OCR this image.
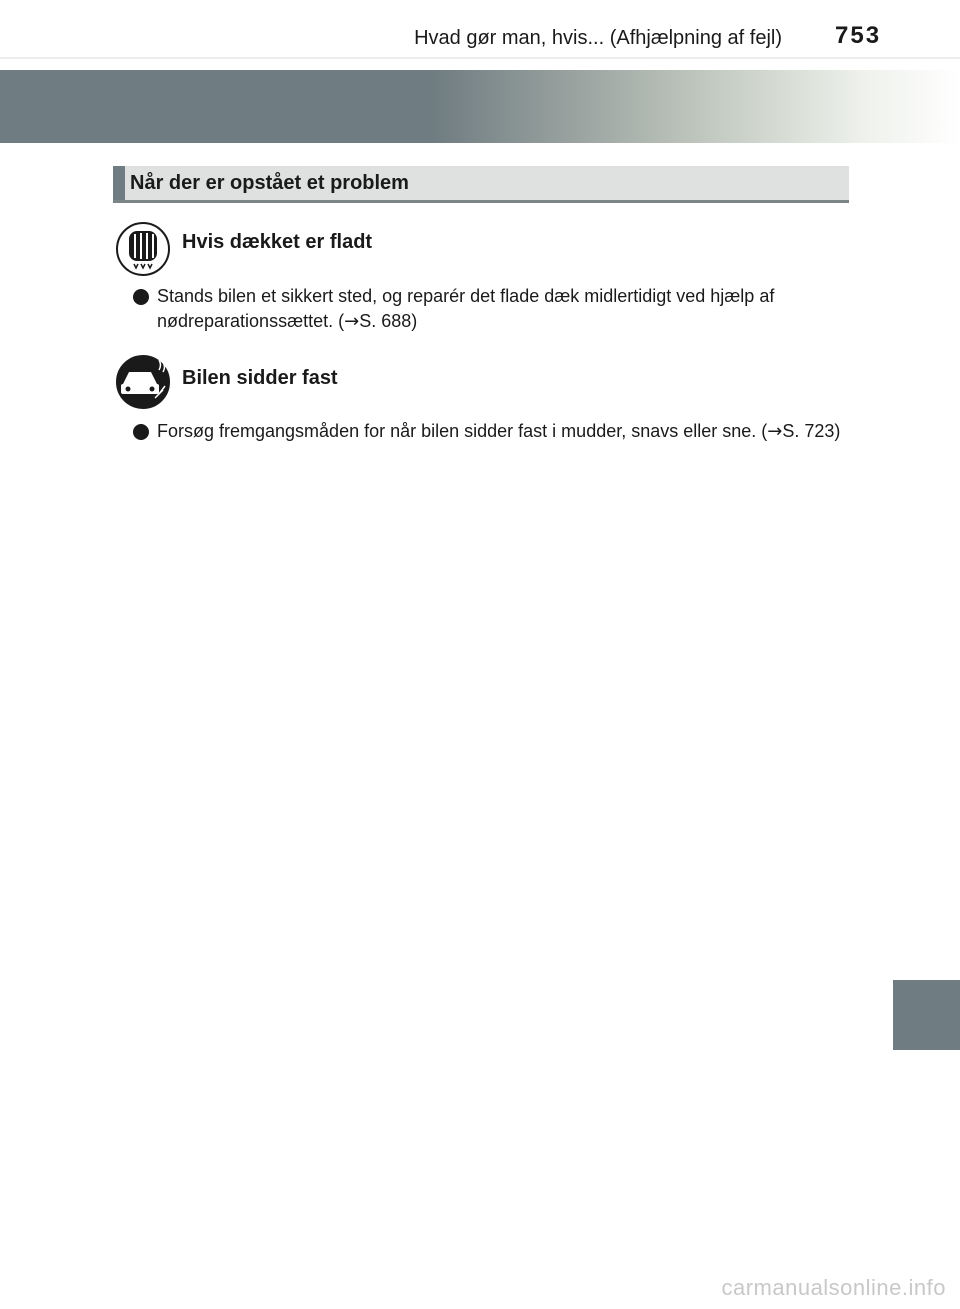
Hvad gør man, hvis... (Afhjælpning af fejl) 753
Når der er opstået et problem
Hvis dækket er fladt
Stands bilen et sikkert sted, og reparér det flade dæk midlertidigt ved hjælp af nødreparationssættet. (→S. 688)
Bilen sidder fast
Forsøg fremgangsmåden for når bilen sidder fast i mudder, snavs eller sne. (→S. 723)
carmanualsonline.info
